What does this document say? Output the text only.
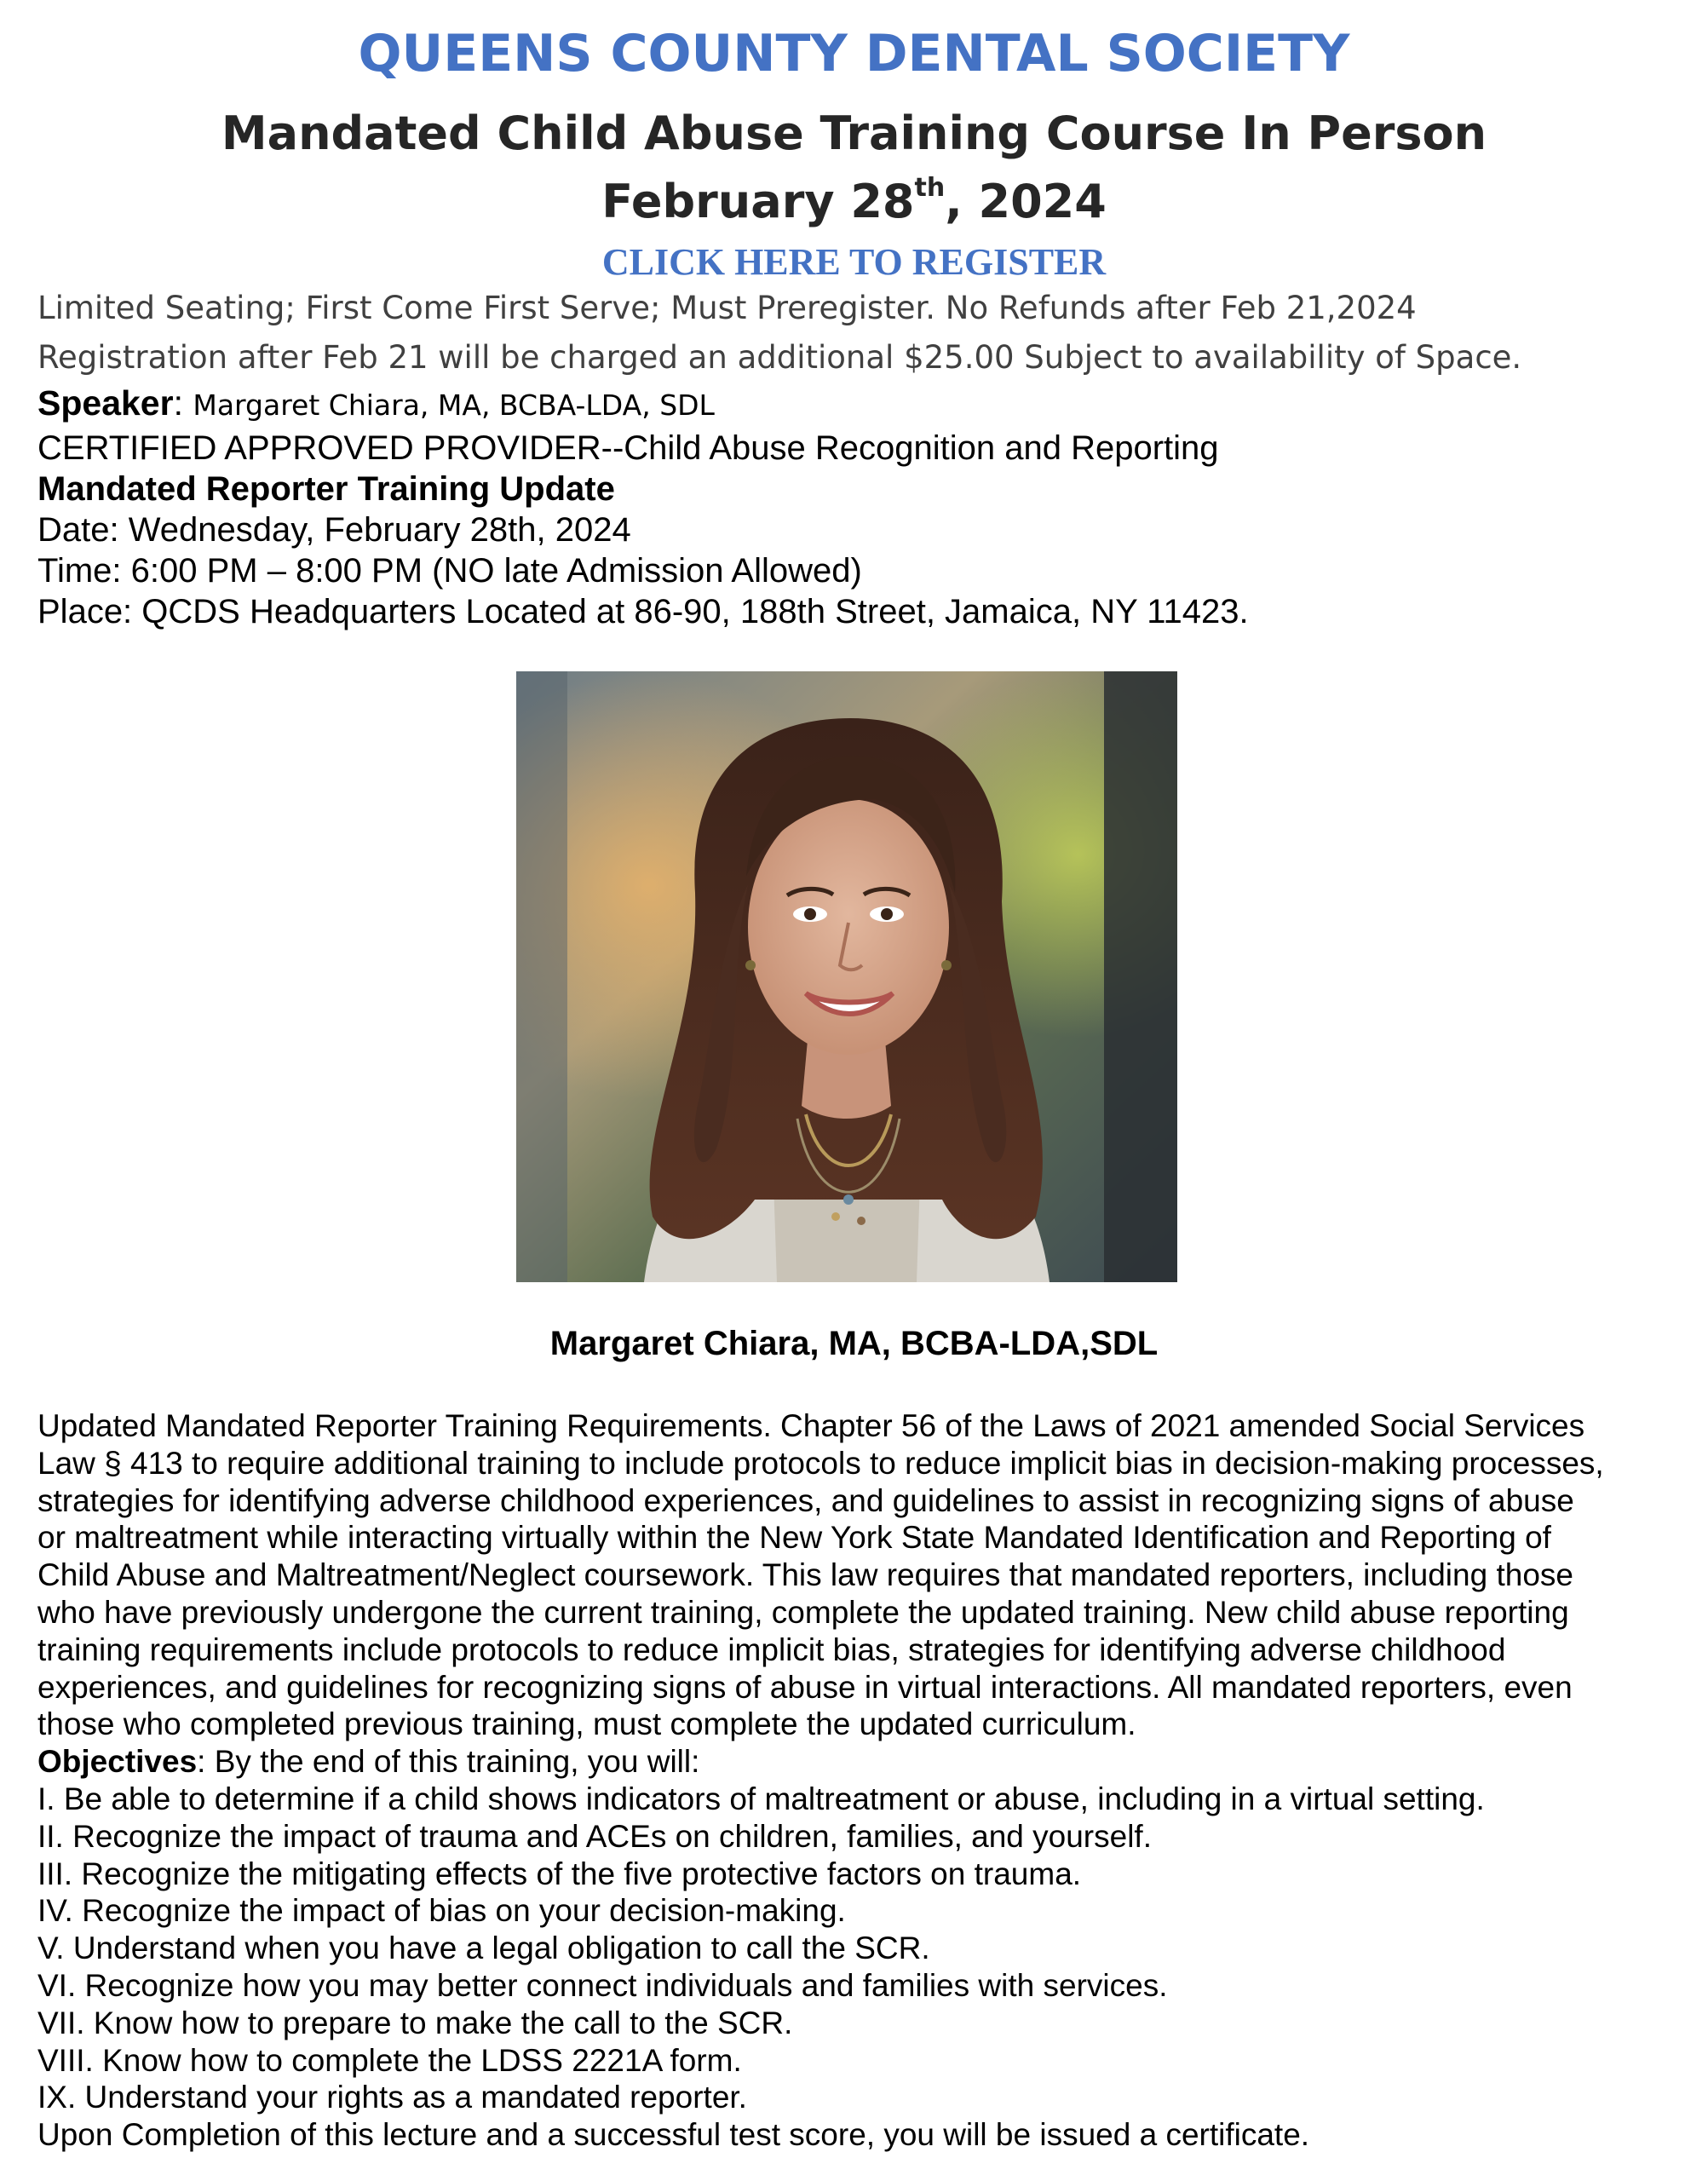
QUEENS COUNTY DENTAL SOCIETY
Mandated Child Abuse Training Course In Person
February 28th, 2024
CLICK HERE TO REGISTER
Limited Seating; First Come First Serve; Must Preregister. No Refunds after Feb 21,2024
Registration after Feb 21 will be charged an additional $25.00 Subject to availability of Space.
Speaker: Margaret Chiara, MA, BCBA-LDA, SDL
CERTIFIED APPROVED PROVIDER--Child Abuse Recognition and Reporting
Mandated Reporter Training Update
Date: Wednesday, February 28th, 2024
Time: 6:00 PM – 8:00 PM (NO late Admission Allowed)
Place: QCDS Headquarters Located at 86-90, 188th Street, Jamaica, NY 11423.
Margaret Chiara, MA, BCBA-LDA,SDL
Updated Mandated Reporter Training Requirements. Chapter 56 of the Laws of 2021 amended Social Services
Law § 413 to require additional training to include protocols to reduce implicit bias in decision-making processes,
strategies for identifying adverse childhood experiences, and guidelines to assist in recognizing signs of abuse
or maltreatment while interacting virtually within the New York State Mandated Identification and Reporting of
Child Abuse and Maltreatment/Neglect coursework. This law requires that mandated reporters, including those
who have previously undergone the current training, complete the updated training. New child abuse reporting
training requirements include protocols to reduce implicit bias, strategies for identifying adverse childhood
experiences, and guidelines for recognizing signs of abuse in virtual interactions. All mandated reporters, even
those who completed previous training, must complete the updated curriculum.
Objectives: By the end of this training, you will:
I. Be able to determine if a child shows indicators of maltreatment or abuse, including in a virtual setting.
II. Recognize the impact of trauma and ACEs on children, families, and yourself.
III. Recognize the mitigating effects of the five protective factors on trauma.
IV. Recognize the impact of bias on your decision-making.
V. Understand when you have a legal obligation to call the SCR.
VI. Recognize how you may better connect individuals and families with services.
VII. Know how to prepare to make the call to the SCR.
VIII. Know how to complete the LDSS 2221A form.
IX. Understand your rights as a mandated reporter.
Upon Completion of this lecture and a successful test score, you will be issued a certificate.
